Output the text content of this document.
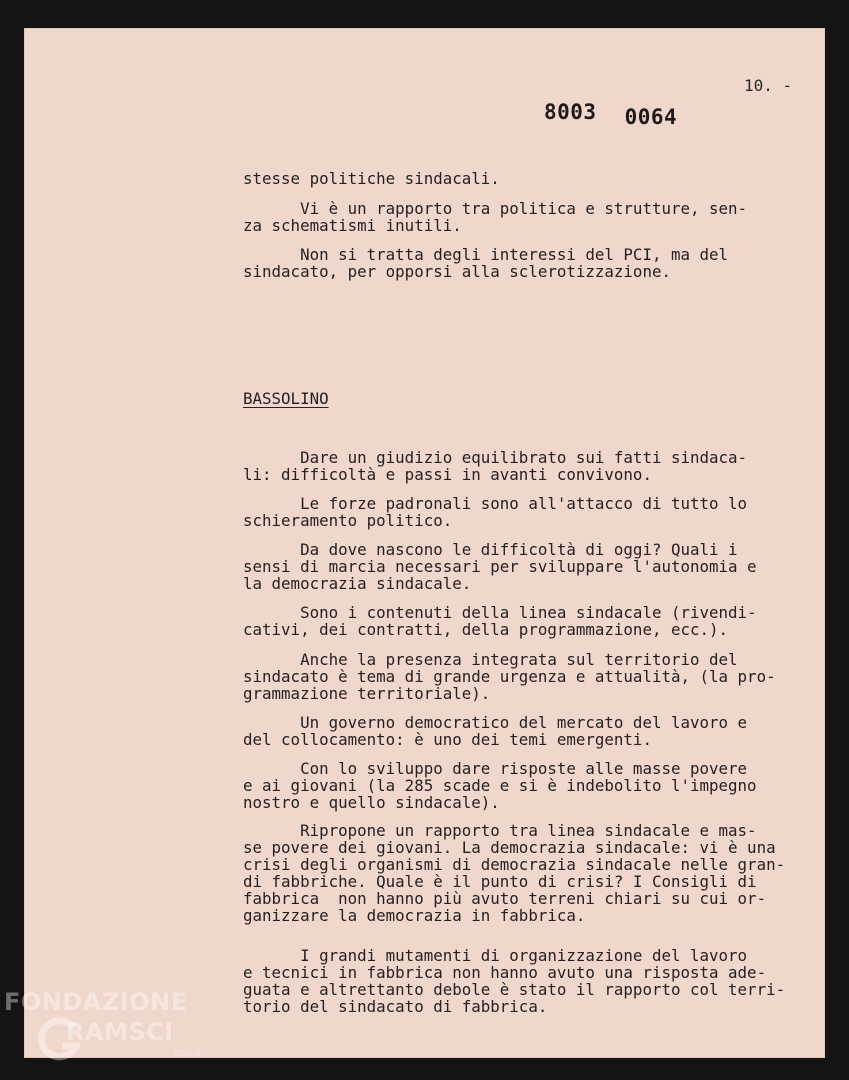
10. -
8003 0064
stesse politiche sindacali.
Vi è un rapporto tra politica e strutture, sen-
za schematismi inutili.
Non si tratta degli interessi del PCI, ma del
sindacato, per opporsi alla sclerotizzazione.
BASSOLINO
Dare un giudizio equilibrato sui fatti sindaca-
li: difficoltà e passi in avanti convivono.
Le forze padronali sono all'attacco di tutto lo
schieramento politico.
Da dove nascono le difficoltà di oggi? Quali i
sensi di marcia necessari per sviluppare l'autonomia e
la democrazia sindacale.
Sono i contenuti della linea sindacale (rivendi-
cativi, dei contratti, della programmazione, ecc.).
Anche la presenza integrata sul territorio del
sindacato è tema di grande urgenza e attualità, (la pro-
grammazione territoriale).
Un governo democratico del mercato del lavoro e
del collocamento: è uno dei temi emergenti.
Con lo sviluppo dare risposte alle masse povere
e ai giovani (la 285 scade e si è indebolito l'impegno
nostro e quello sindacale).
Ripropone un rapporto tra linea sindacale e mas-
se povere dei giovani. La democrazia sindacale: vi è una
crisi degli organismi di democrazia sindacale nelle gran-
di fabbriche. Quale è il punto di crisi? I Consigli di
fabbrica  non hanno più avuto terreni chiari su cui or-
ganizzare la democrazia in fabbrica.
I grandi mutamenti di organizzazione del lavoro
e tecnici in fabbrica non hanno avuto una risposta ade-
guata e altrettanto debole è stato il rapporto col terri-
torio del sindacato di fabbrica.
FONDAZIONE
RAMSCI
onlus
